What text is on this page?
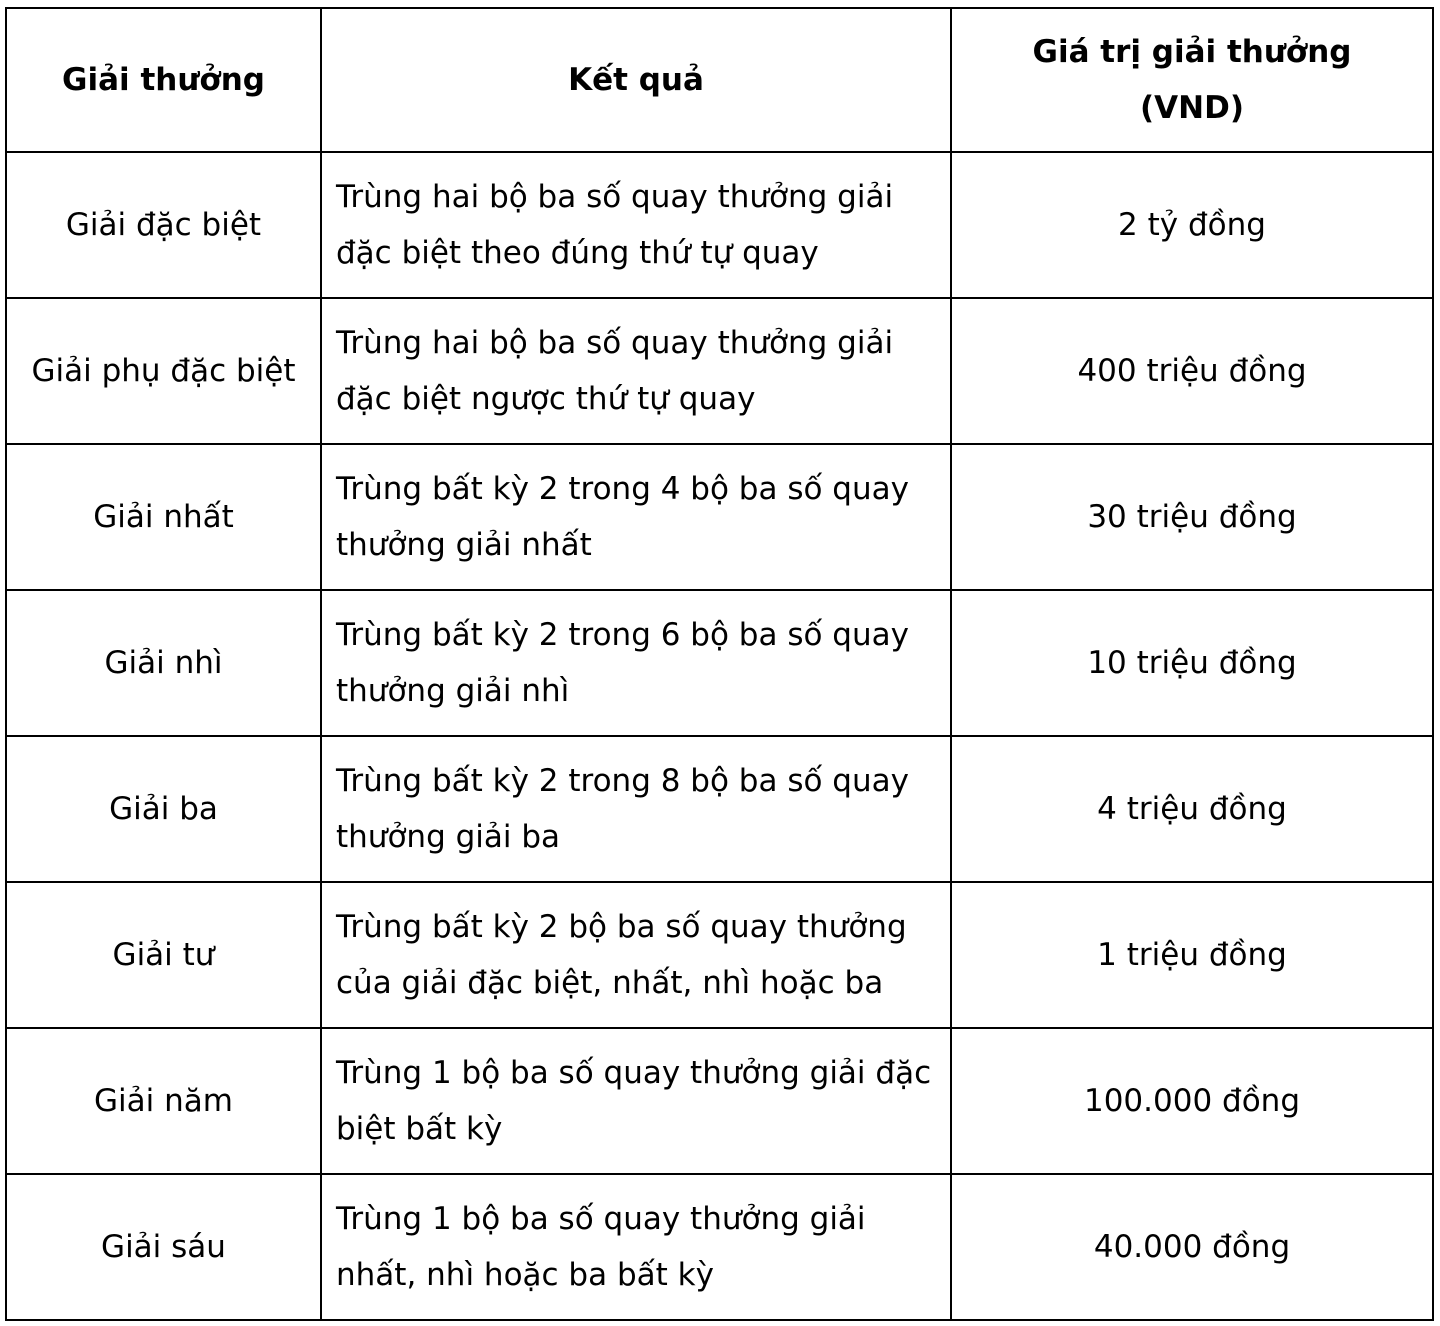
Giải thưởng	Kết quả	Giá trị giải thưởng
(VND)

Giải đặc biệt	Trùng hai bộ ba số quay thưởng giải đặc biệt theo đúng thứ tự quay	2 tỷ đồng
Giải phụ đặc biệt	Trùng hai bộ ba số quay thưởng giải đặc biệt ngược thứ tự quay	400 triệu đồng
Giải nhất	Trùng bất kỳ 2 trong 4 bộ ba số quay thưởng giải nhất	30 triệu đồng
Giải nhì	Trùng bất kỳ 2 trong 6 bộ ba số quay thưởng giải nhì	10 triệu đồng
Giải ba	Trùng bất kỳ 2 trong 8 bộ ba số quay thưởng giải ba	4 triệu đồng
Giải tư	Trùng bất kỳ 2 bộ ba số quay thưởng của giải đặc biệt, nhất, nhì hoặc ba	1 triệu đồng
Giải năm	Trùng 1 bộ ba số quay thưởng giải đặc biệt bất kỳ	100.000 đồng
Giải sáu	Trùng 1 bộ ba số quay thưởng giải nhất, nhì hoặc ba bất kỳ	40.000 đồng
